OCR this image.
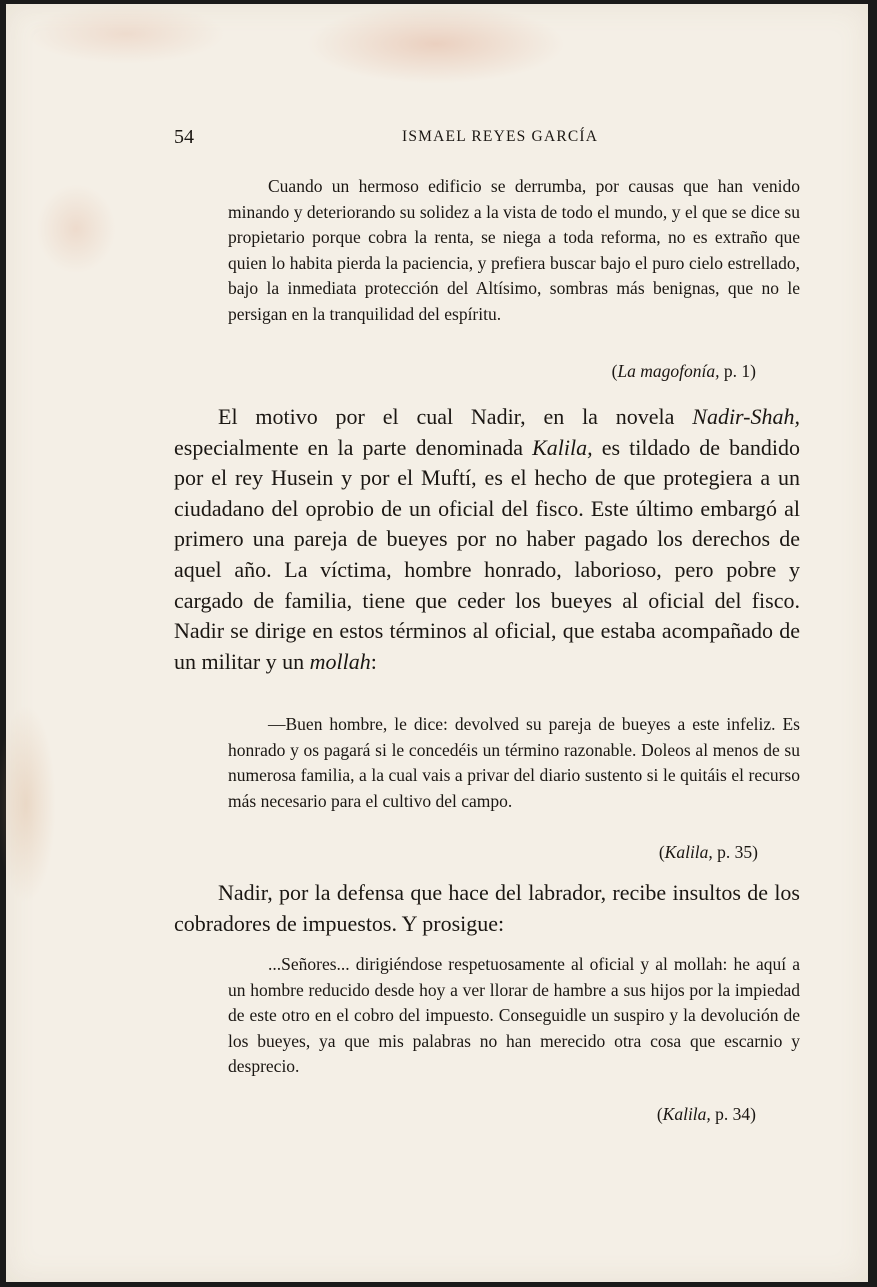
54	ISMAEL REYES GARCÍA
Cuando un hermoso edificio se derrumba, por causas que han venido minando y deteriorando su solidez a la vista de todo el mundo, y el que se dice su propietario porque cobra la renta, se niega a toda reforma, no es extraño que quien lo habita pierda la paciencia, y prefiera buscar bajo el puro cielo estrellado, bajo la inmediata protección del Altísimo, sombras más benignas, que no le persigan en la tranquilidad del espíritu.
(La magofonía, p. 1)
El motivo por el cual Nadir, en la novela Nadir-Shah, especialmente en la parte denominada Kalila, es tildado de bandido por el rey Husein y por el Muftí, es el hecho de que protegiera a un ciudadano del oprobio de un oficial del fisco. Este último embargó al primero una pareja de bueyes por no haber pagado los derechos de aquel año. La víctima, hombre honrado, laborioso, pero pobre y cargado de familia, tiene que ceder los bueyes al oficial del fisco. Nadir se dirige en estos términos al oficial, que estaba acompañado de un militar y un mollah:
—Buen hombre, le dice: devolved su pareja de bueyes a este infeliz. Es honrado y os pagará si le concedéis un término razonable. Doleos al menos de su numerosa familia, a la cual vais a privar del diario sustento si le quitáis el recurso más necesario para el cultivo del campo.
(Kalila, p. 35)
Nadir, por la defensa que hace del labrador, recibe insultos de los cobradores de impuestos. Y prosigue:
...Señores... dirigiéndose respetuosamente al oficial y al mollah: he aquí a un hombre reducido desde hoy a ver llorar de hambre a sus hijos por la impiedad de este otro en el cobro del impuesto. Conseguidle un suspiro y la devolución de los bueyes, ya que mis palabras no han merecido otra cosa que escarnio y desprecio.
(Kalila, p. 34)
